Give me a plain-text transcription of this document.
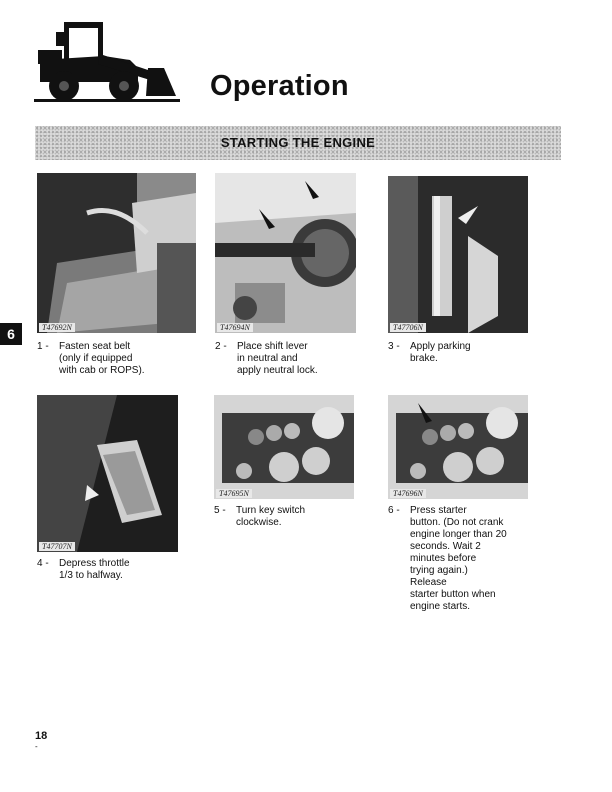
Operation
STARTING THE ENGINE
6	T47692N	T47694N	T47706N
T47707N
T47695N	T47696N
1 -	Fasten seat belt
(only if equipped
with cab or ROPS).
2 -	Place shift lever
in neutral and
apply neutral lock.
3 -	Apply parking
brake.
4 -	Depress throttle
1/3 to halfway.
5 -	Turn key switch
clockwise.
6 -	Press starter
button. (Do not crank
engine longer than 20
seconds. Wait 2
minutes before
trying again.)
Release
starter button when
engine starts.
18
-
